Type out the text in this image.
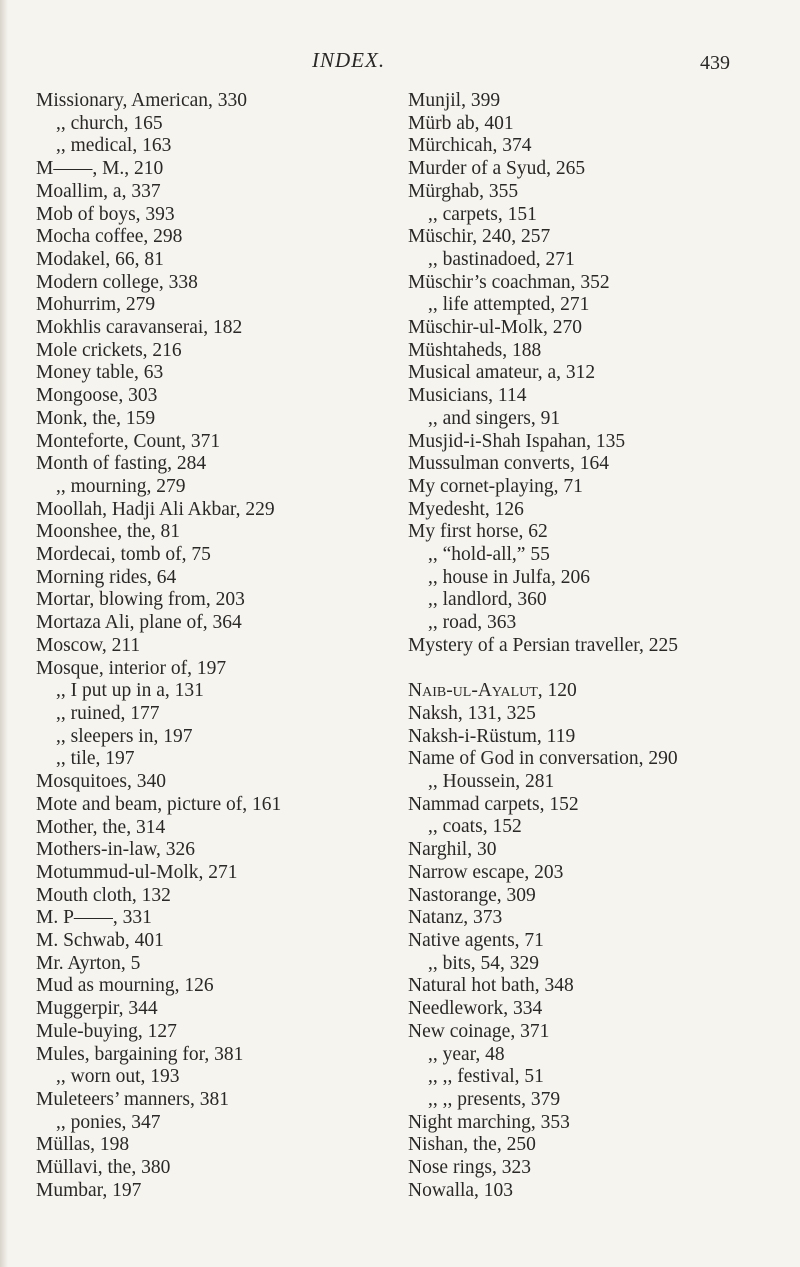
INDEX.	439
Missionary, American, 330
,, church, 165
,, medical, 163
M——, M., 210
Moallim, a, 337
Mob of boys, 393
Mocha coffee, 298
Modakel, 66, 81
Modern college, 338
Mohurrim, 279
Mokhlis caravanserai, 182
Mole crickets, 216
Money table, 63
Mongoose, 303
Monk, the, 159
Monteforte, Count, 371
Month of fasting, 284
,, mourning, 279
Moollah, Hadji Ali Akbar, 229
Moonshee, the, 81
Mordecai, tomb of, 75
Morning rides, 64
Mortar, blowing from, 203
Mortaza Ali, plane of, 364
Moscow, 211
Mosque, interior of, 197
,, I put up in a, 131
,, ruined, 177
,, sleepers in, 197
,, tile, 197
Mosquitoes, 340
Mote and beam, picture of, 161
Mother, the, 314
Mothers-in-law, 326
Motummud-ul-Molk, 271
Mouth cloth, 132
M. P——, 331
M. Schwab, 401
Mr. Ayrton, 5
Mud as mourning, 126
Muggerpir, 344
Mule-buying, 127
Mules, bargaining for, 381
,, worn out, 193
Muleteers’ manners, 381
,, ponies, 347
Müllas, 198
Müllavi, the, 380
Mumbar, 197
Munjil, 399
Mürb ab, 401
Mürchicah, 374
Murder of a Syud, 265
Mürghab, 355
,, carpets, 151
Müschir, 240, 257
,, bastinadoed, 271
Müschir’s coachman, 352
,, life attempted, 271
Müschir-ul-Molk, 270
Müshtaheds, 188
Musical amateur, a, 312
Musicians, 114
,, and singers, 91
Musjid-i-Shah Ispahan, 135
Mussulman converts, 164
My cornet-playing, 71
Myedesht, 126
My first horse, 62
,, “hold-all,” 55
,, house in Julfa, 206
,, landlord, 360
,, road, 363
Mystery of a Persian traveller, 225
Naib-ul-Ayalut, 120
Naksh, 131, 325
Naksh-i-Rüstum, 119
Name of God in conversation, 290
,, Houssein, 281
Nammad carpets, 152
,, coats, 152
Narghil, 30
Narrow escape, 203
Nastorange, 309
Natanz, 373
Native agents, 71
,, bits, 54, 329
Natural hot bath, 348
Needlework, 334
New coinage, 371
,, year, 48
,, ,, festival, 51
,, ,, presents, 379
Night marching, 353
Nishan, the, 250
Nose rings, 323
Nowalla, 103
